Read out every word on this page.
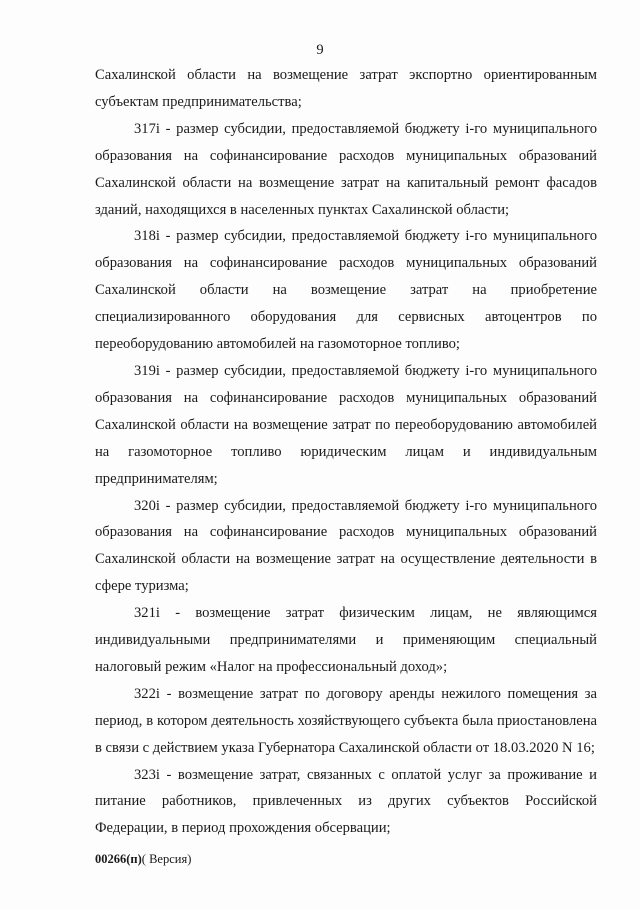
9

Сахалинской области на возмещение затрат экспортно ориентированным субъектам предпринимательства;

317i - размер субсидии, предоставляемой бюджету i-го муниципального образования на софинансирование расходов муниципальных образований Сахалинской области на возмещение затрат на капитальный ремонт фасадов зданий, находящихся в населенных пунктах Сахалинской области;

318i - размер субсидии, предоставляемой бюджету i-го муниципального образования на софинансирование расходов муниципальных образований Сахалинской области на возмещение затрат на приобретение специализированного оборудования для сервисных автоцентров по переоборудованию автомобилей на газомоторное топливо;

319i - размер субсидии, предоставляемой бюджету i-го муниципального образования на софинансирование расходов муниципальных образований Сахалинской области на возмещение затрат по переоборудованию автомобилей на газомоторное топливо юридическим лицам и индивидуальным предпринимателям;

320i - размер субсидии, предоставляемой бюджету i-го муниципального образования на софинансирование расходов муниципальных образований Сахалинской области на возмещение затрат на осуществление деятельности в сфере туризма;

321i - возмещение затрат физическим лицам, не являющимся индивидуальными предпринимателями и применяющим специальный налоговый режим «Налог на профессиональный доход»;

322i - возмещение затрат по договору аренды нежилого помещения за период, в котором деятельность хозяйствующего субъекта была приостановлена в связи с действием указа Губернатора Сахалинской области от 18.03.2020 N 16;

323i - возмещение затрат, связанных с оплатой услуг за проживание и питание работников, привлеченных из других субъектов Российской Федерации, в период прохождения обсервации;

00266(п)( Версия)
